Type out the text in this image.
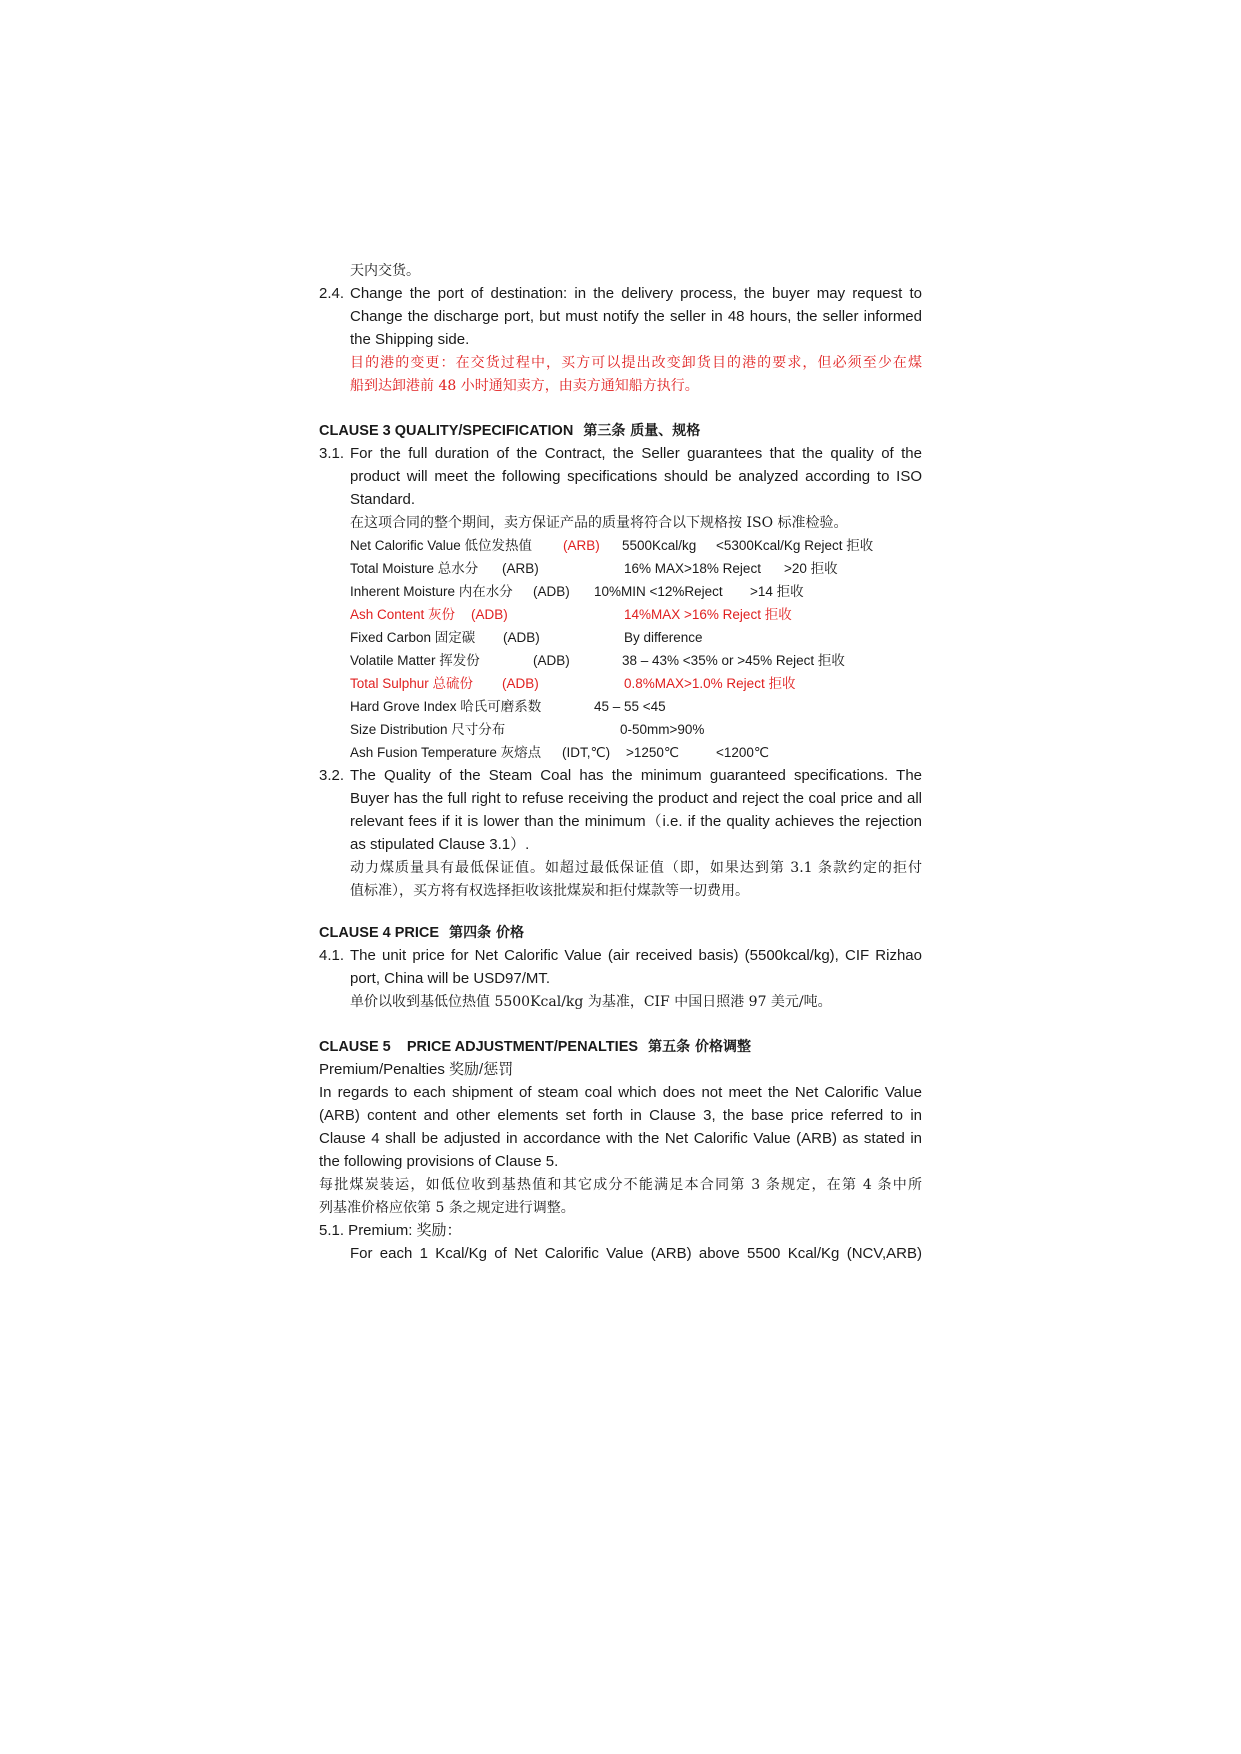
天内交货。
2.4. Change the port of destination: in the delivery process, the buyer may request to
Change the discharge port, but must notify the seller in 48 hours, the seller informed
the Shipping side.
目的港的变更：在交货过程中，买方可以提出改变卸货目的港的要求，但必须至少在煤
船到达卸港前 48 小时通知卖方，由卖方通知船方执行。
CLAUSE 3 QUALITY/SPECIFICATION 第三条 质量、规格
3.1. For the full duration of the Contract, the Seller guarantees that the quality of the
product will meet the following specifications should be analyzed according to ISO
Standard.
在这项合同的整个期间，卖方保证产品的质量将符合以下规格按 ISO 标准检验。
Net Calorific Value 低位发热值 (ARB) 5500Kcal/kg <5300Kcal/Kg Reject 拒收
Total Moisture 总水分 (ARB)	16% MAX>18% Reject >20 拒收
Inherent Moisture 内在水分 (ADB) 10%MIN <12%Reject >14 拒收
Ash Content 灰份 (ADB)	14%MAX >16% Reject 拒收
Fixed Carbon 固定碳 (ADB)	By difference
Volatile Matter 挥发份	(ADB)	38 – 43% <35% or >45% Reject 拒收
Total Sulphur 总硫份 (ADB)	0.8%MAX>1.0% Reject 拒收
Hard Grove Index 哈氏可磨系数	45 – 55 <45
Size Distribution 尺寸分布	0-50mm>90%
Ash Fusion Temperature 灰熔点 (IDT,℃) >1250℃	<1200℃
3.2. The Quality of the Steam Coal has the minimum guaranteed specifications. The
Buyer has the full right to refuse receiving the product and reject the coal price and all
relevant fees if it is lower than the minimum（i.e. if the quality achieves the rejection
as stipulated Clause 3.1）.
动力煤质量具有最低保证值。如超过最低保证值（即，如果达到第 3.1 条款约定的拒付
值标准），买方将有权选择拒收该批煤炭和拒付煤款等一切费用。
CLAUSE 4 PRICE 第四条 价格
4.1. The unit price for Net Calorific Value (air received basis) (5500kcal/kg), CIF Rizhao
port, China will be USD97/MT.
单价以收到基低位热值 5500Kcal/kg 为基准，CIF 中国日照港 97 美元/吨。
CLAUSE 5    PRICE ADJUSTMENT/PENALTIES 第五条 价格调整
Premium/Penalties 奖励/惩罚
In regards to each shipment of steam coal which does not meet the Net Calorific Value
(ARB) content and other elements set forth in Clause 3, the base price referred to in
Clause 4 shall be adjusted in accordance with the Net Calorific Value (ARB) as stated in
the following provisions of Clause 5.
每批煤炭装运，如低位收到基热值和其它成分不能满足本合同第 3 条规定，在第 4 条中所
列基准价格应依第 5 条之规定进行调整。
5.1. Premium: 奖励：
For each 1 Kcal/Kg of Net Calorific Value (ARB) above 5500 Kcal/Kg (NCV,ARB)
